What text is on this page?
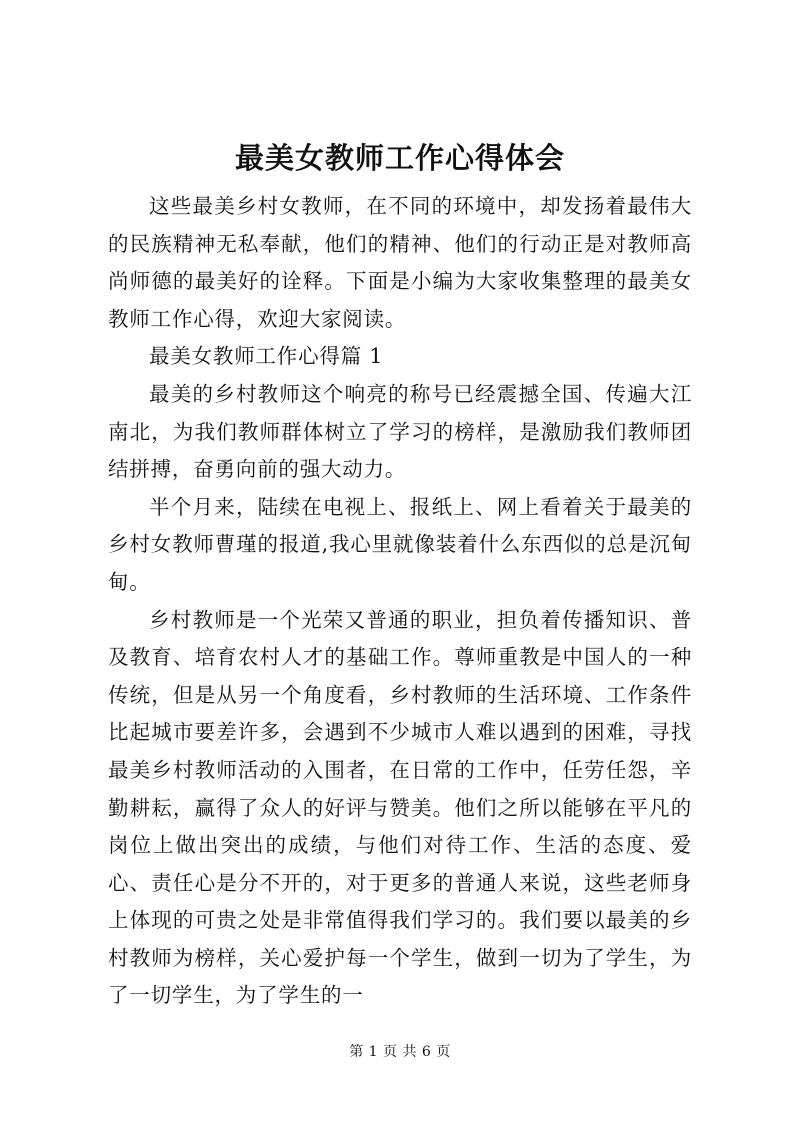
最美女教师工作心得体会

这些最美乡村女教师，在不同的环境中，却发扬着最伟大的民族精神无私奉献，他们的精神、他们的行动正是对教师高尚师德的最美好的诠释。下面是小编为大家收集整理的最美女教师工作心得，欢迎大家阅读。

最美女教师工作心得篇 1

最美的乡村教师这个响亮的称号已经震撼全国、传遍大江南北，为我们教师群体树立了学习的榜样，是激励我们教师团结拼搏，奋勇向前的强大动力。

半个月来，陆续在电视上、报纸上、网上看着关于最美的乡村女教师曹瑾的报道,我心里就像装着什么东西似的总是沉甸甸。

乡村教师是一个光荣又普通的职业，担负着传播知识、普及教育、培育农村人才的基础工作。尊师重教是中国人的一种传统，但是从另一个角度看，乡村教师的生活环境、工作条件比起城市要差许多，会遇到不少城市人难以遇到的困难，寻找最美乡村教师活动的入围者，在日常的工作中，任劳任怨，辛勤耕耘，赢得了众人的好评与赞美。他们之所以能够在平凡的岗位上做出突出的成绩，与他们对待工作、生活的态度、爱心、责任心是分不开的，对于更多的普通人来说，这些老师身上体现的可贵之处是非常值得我们学习的。我们要以最美的乡村教师为榜样，关心爱护每一个学生，做到一切为了学生，为了一切学生，为了学生的一

第 1 页 共 6 页
